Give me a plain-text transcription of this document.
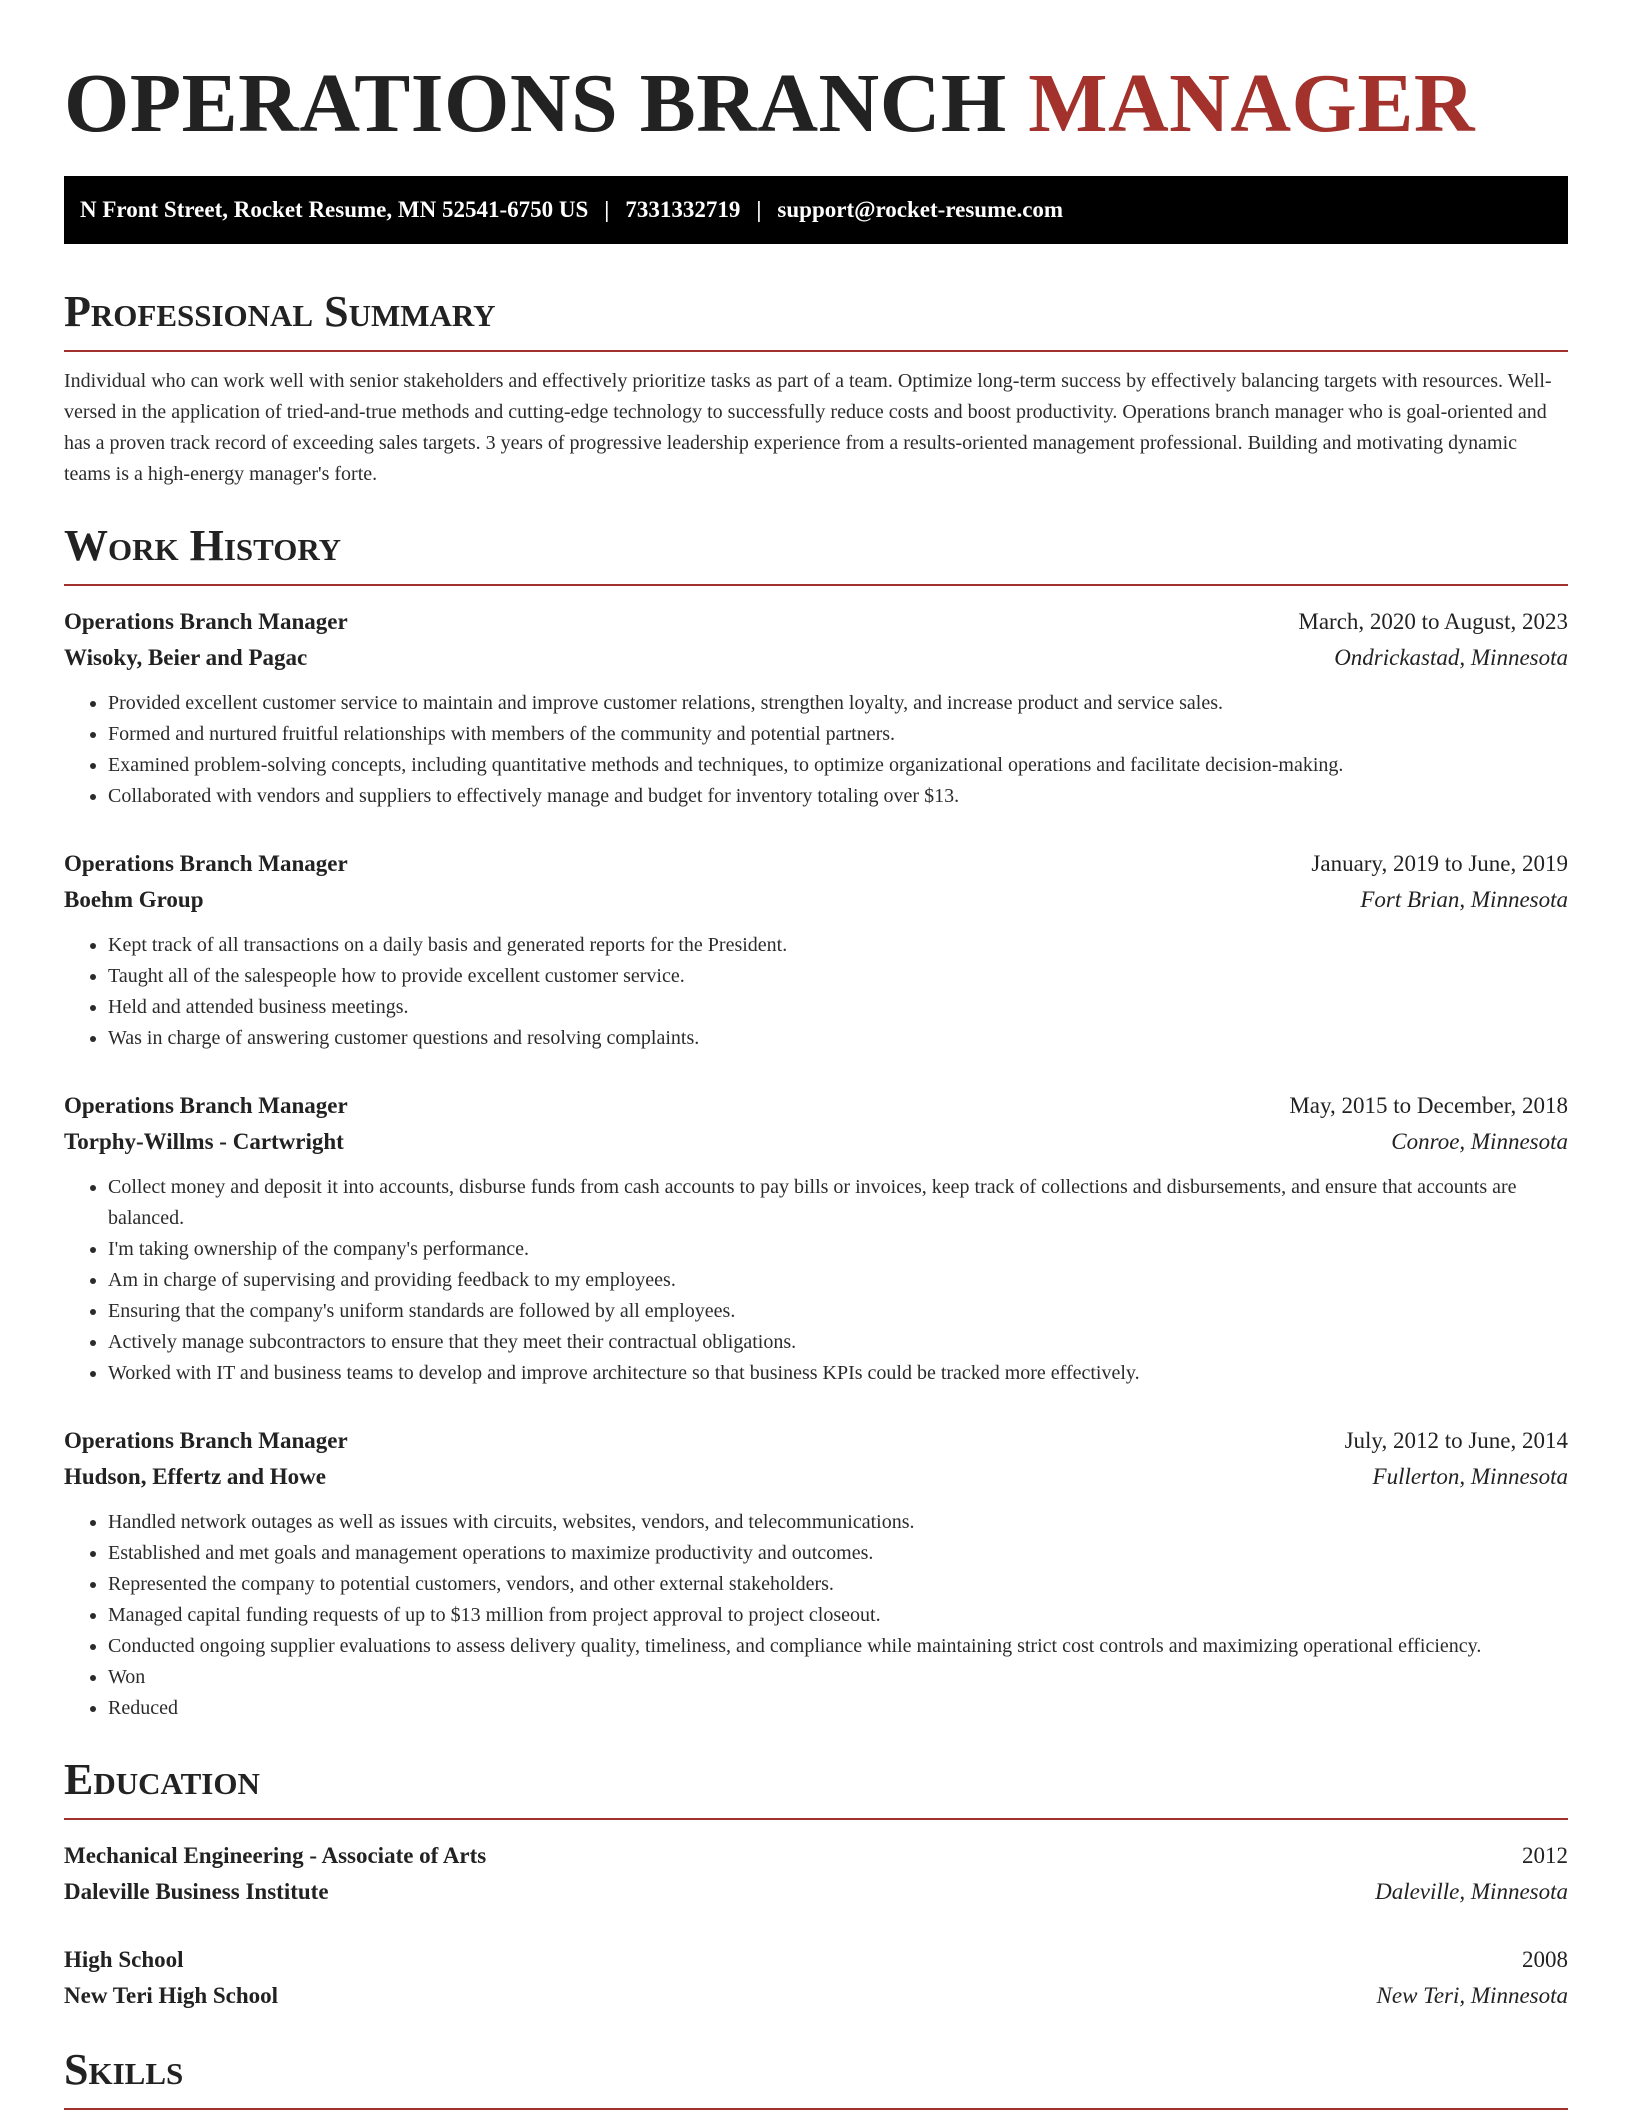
OPERATIONS BRANCH MANAGER
N Front Street, Rocket Resume, MN 52541-6750 US | 7331332719 | support@rocket-resume.com
Professional Summary

Individual who can work well with senior stakeholders and effectively prioritize tasks as part of a team. Optimize long-term success by effectively balancing targets with resources. Well-versed in the application of tried-and-true methods and cutting-edge technology to successfully reduce costs and boost productivity. Operations branch manager who is goal-oriented and has a proven track record of exceeding sales targets. 3 years of progressive leadership experience from a results-oriented management professional. Building and motivating dynamic teams is a high-energy manager's forte.

Work History
Operations Branch Manager	March, 2020 to August, 2023
Wisoky, Beier and Pagac	Ondrickastad, Minnesota
• Provided excellent customer service to maintain and improve customer relations, strengthen loyalty, and increase product and service sales.
• Formed and nurtured fruitful relationships with members of the community and potential partners.
• Examined problem-solving concepts, including quantitative methods and techniques, to optimize organizational operations and facilitate decision-making.
• Collaborated with vendors and suppliers to effectively manage and budget for inventory totaling over $13.
Operations Branch Manager	January, 2019 to June, 2019
Boehm Group	Fort Brian, Minnesota
• Kept track of all transactions on a daily basis and generated reports for the President.
• Taught all of the salespeople how to provide excellent customer service.
• Held and attended business meetings.
• Was in charge of answering customer questions and resolving complaints.
Operations Branch Manager	May, 2015 to December, 2018
Torphy-Willms - Cartwright	Conroe, Minnesota
• Collect money and deposit it into accounts, disburse funds from cash accounts to pay bills or invoices, keep track of collections and disbursements, and ensure that accounts are balanced.
• I'm taking ownership of the company's performance.
• Am in charge of supervising and providing feedback to my employees.
• Ensuring that the company's uniform standards are followed by all employees.
• Actively manage subcontractors to ensure that they meet their contractual obligations.
• Worked with IT and business teams to develop and improve architecture so that business KPIs could be tracked more effectively.
Operations Branch Manager	July, 2012 to June, 2014
Hudson, Effertz and Howe	Fullerton, Minnesota
• Handled network outages as well as issues with circuits, websites, vendors, and telecommunications.
• Established and met goals and management operations to maximize productivity and outcomes.
• Represented the company to potential customers, vendors, and other external stakeholders.
• Managed capital funding requests of up to $13 million from project approval to project closeout.
• Conducted ongoing supplier evaluations to assess delivery quality, timeliness, and compliance while maintaining strict cost controls and maximizing operational efficiency.
• Won
• Reduced
Education
Mechanical Engineering - Associate of Arts	2012
Daleville Business Institute	Daleville, Minnesota
High School	2008
New Teri High School	New Teri, Minnesota
Skills
